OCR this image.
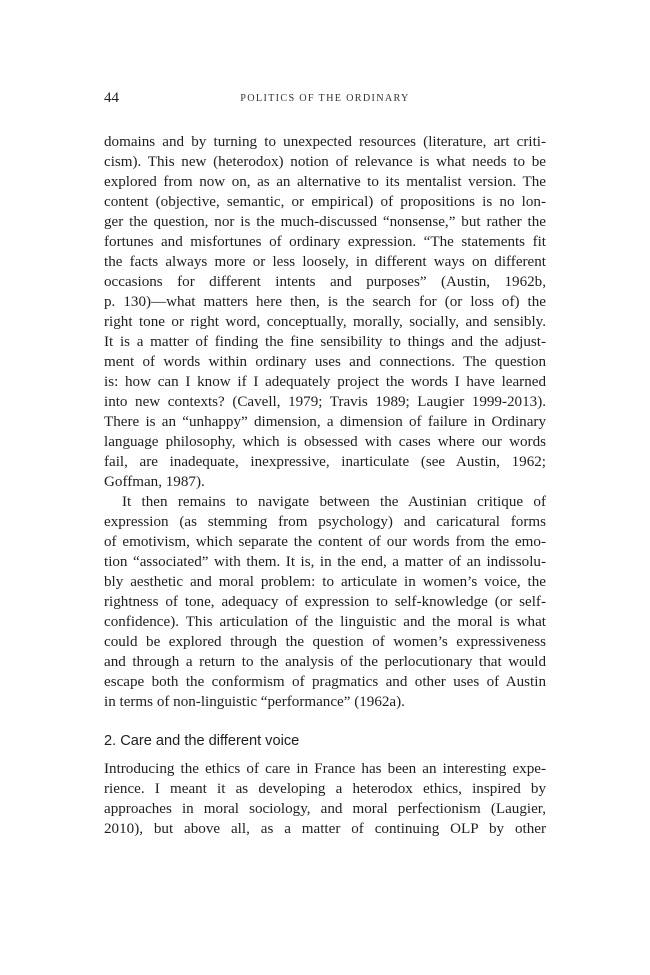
44	POLITICS OF THE ORDINARY
domains and by turning to unexpected resources (literature, art criti-
cism). This new (heterodox) notion of relevance is what needs to be
explored from now on, as an alternative to its mentalist version. The
content (objective, semantic, or empirical) of propositions is no lon-
ger the question, nor is the much-discussed “nonsense,” but rather the
fortunes and misfortunes of ordinary expression. “The statements fit
the facts always more or less loosely, in different ways on different
occasions for different intents and purposes” (Austin, 1962b,
p. 130)—what matters here then, is the search for (or loss of) the
right tone or right word, conceptually, morally, socially, and sensibly.
It is a matter of finding the fine sensibility to things and the adjust-
ment of words within ordinary uses and connections. The question
is: how can I know if I adequately project the words I have learned
into new contexts? (Cavell, 1979; Travis 1989; Laugier 1999-2013).
There is an “unhappy” dimension, a dimension of failure in Ordinary
language philosophy, which is obsessed with cases where our words
fail, are inadequate, inexpressive, inarticulate (see Austin, 1962;
Goffman, 1987).
It then remains to navigate between the Austinian critique of
expression (as stemming from psychology) and caricatural forms
of emotivism, which separate the content of our words from the emo-
tion “associated” with them. It is, in the end, a matter of an indissolu-
bly aesthetic and moral problem: to articulate in women’s voice, the
rightness of tone, adequacy of expression to self-knowledge (or self-
confidence). This articulation of the linguistic and the moral is what
could be explored through the question of women’s expressiveness
and through a return to the analysis of the perlocutionary that would
escape both the conformism of pragmatics and other uses of Austin
in terms of non-linguistic “performance” (1962a).
2. Care and the different voice
Introducing the ethics of care in France has been an interesting expe-
rience. I meant it as developing a heterodox ethics, inspired by
approaches in moral sociology, and moral perfectionism (Laugier,
2010), but above all, as a matter of continuing OLP by other
